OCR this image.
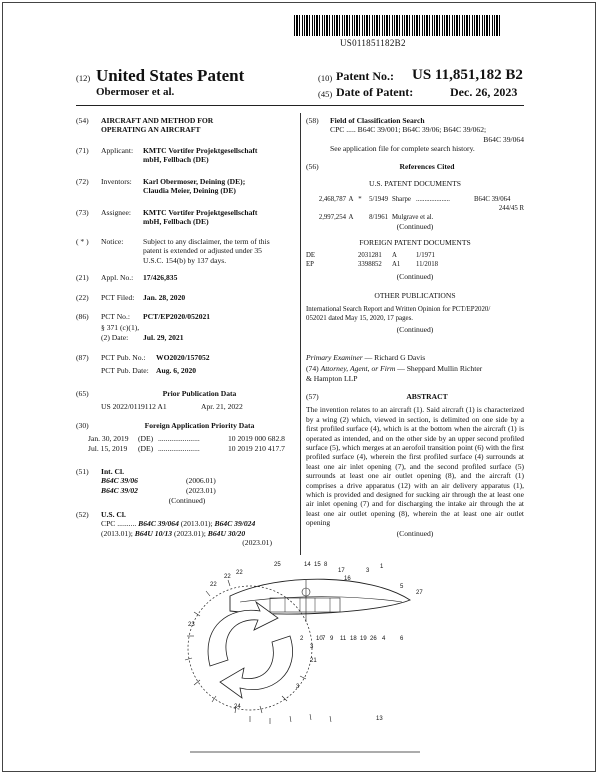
US011851182B2
(12) United States Patent
Obermoser et al.
(10) Patent No.: US 11,851,182 B2
(45) Date of Patent:	Dec. 26, 2023
(54)	AIRCRAFT AND METHOD FOR
OPERATING AN AIRCRAFT
(71)	Applicant:	KMTC Vortifer Projektgesellschaft
mbH, Fellbach (DE)
(72)	Inventors:	Karl Obermoser, Deining (DE);
Claudia Meier, Deining (DE)
(73)	Assignee:	KMTC Vortifer Projektgesellschaft
mbH, Fellbach (DE)
( * )	Notice:	Subject to any disclaimer, the term of this
patent is extended or adjusted under 35
U.S.C. 154(b) by 137 days.
(21)	Appl. No.:	17/426,835
(22)	PCT Filed:	Jan. 28, 2020
(86)	PCT No.:	PCT/EP2020/052021
§ 371 (c)(1),
(2) Date:	Jul. 29, 2021
(87)	PCT Pub. No.:	WO2020/157052
PCT Pub. Date: Aug. 6, 2020
(65)	Prior Publication Data
US 2022/0119112 A1	Apr. 21, 2022
(30)	Foreign Application Priority Data
Jan. 30, 2019	(DE) ......................	10 2019 000 682.8
Jul. 15, 2019	(DE) ......................	10 2019 210 417.7
(51)	Int. Cl.
B64C 39/06	(2006.01)
B64C 39/02	(2023.01)
(Continued)
(52)	U.S. Cl.
CPC .......... B64C 39/064 (2013.01); B64C 39/024
(2013.01); B64U 10/13 (2023.01); B64U 30/20

(2023.01)
(58)	Field of Classification Search
CPC ..... B64C 39/001; B64C 39/06; B64C 39/062;
B64C 39/064
See application file for complete search history.
(56)	References Cited
U.S. PATENT DOCUMENTS
2,468,787 A *	5/1949 Sharpe ....................	B64C 39/064
244/45 R
2,997,254 A	8/1961 Mulgrave et al.
(Continued)
FOREIGN PATENT DOCUMENTS
DE	2031281	A	1/1971
EP	3398852	A1	11/2018
(Continued)
OTHER PUBLICATIONS
International Search Report and Written Opinion for PCT/EP2020/
052021 dated May 15, 2020, 17 pages.
(Continued)
Primary Examiner — Richard G Davis
(74) Attorney, Agent, or Firm — Sheppard Mullin Richter
& Hampton LLP
(57)	ABSTRACT
The invention relates to an aircraft (1). Said aircraft (1) is characterized by a wing (2) which, viewed in section, is delimited on one side by a first profiled surface (4), which is at the bottom when the aircraft (1) is operated as intended, and on the other side by an upper second profiled surface (5), which merges at an aerofoil transition point (6) with the first profiled surface (4), wherein the first profiled surface (4) surrounds at least one air inlet opening (7), and the second profiled surface (5) surrounds at least one air outlet opening (8), and the aircraft (1) comprises a drive apparatus (12) with an air delivery apparatus (1), which is provided and designed for sucking air through the at least one air inlet opening (7) and for discharging the intake air through the at least one air outlet opening (8), wherein the at least one air outlet opening
(Continued)
25
22
22
14 15 8
17
16
3
1
5
27
22
23
2	9 11 18 19 26 4 6
10 7
21
3
3
24
13
